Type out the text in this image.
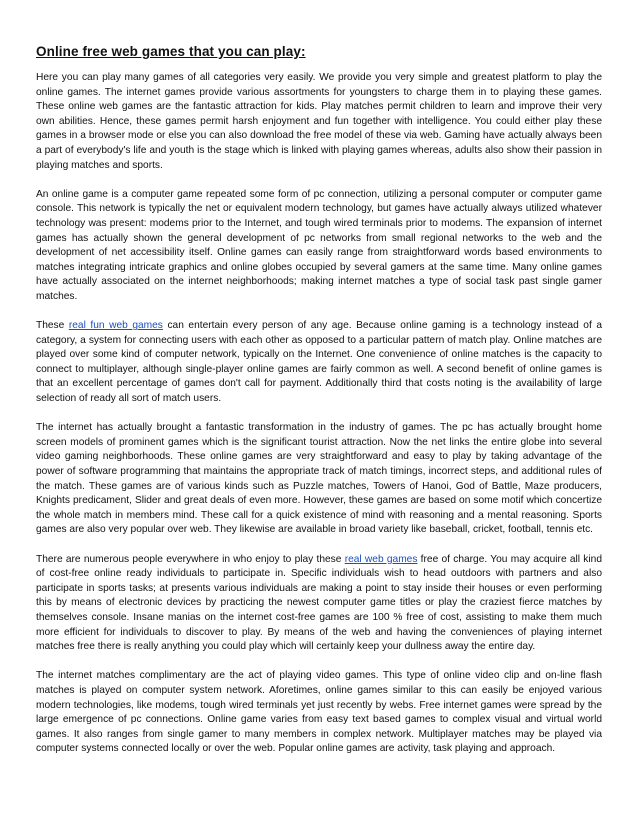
Online free web games that you can play:

Here you can play many games of all categories very easily. We provide you very simple and greatest platform to play the online games. The internet games provide various assortments for youngsters to charge them in to playing these games. These online web games are the fantastic attraction for kids. Play matches permit children to learn and improve their very own abilities. Hence, these games permit harsh enjoyment and fun together with intelligence. You could either play these games in a browser mode or else you can also download the free model of these via web. Gaming have actually always been a part of everybody's life and youth is the stage which is linked with playing games whereas, adults also show their passion in playing matches and sports.

An online game is a computer game repeated some form of pc connection, utilizing a personal computer or computer game console. This network is typically the net or equivalent modern technology, but games have actually always utilized whatever technology was present: modems prior to the Internet, and tough wired terminals prior to modems. The expansion of internet games has actually shown the general development of pc networks from small regional networks to the web and the development of net accessibility itself. Online games can easily range from straightforward words based environments to matches integrating intricate graphics and online globes occupied by several gamers at the same time. Many online games have actually associated on the internet neighborhoods; making internet matches a type of social task past single gamer matches.

These real fun web games can entertain every person of any age. Because online gaming is a technology instead of a category, a system for connecting users with each other as opposed to a particular pattern of match play. Online matches are played over some kind of computer network, typically on the Internet. One convenience of online matches is the capacity to connect to multiplayer, although single-player online games are fairly common as well. A second benefit of online games is that an excellent percentage of games don't call for payment. Additionally third that costs noting is the availability of large selection of ready all sort of match users.

The internet has actually brought a fantastic transformation in the industry of games. The pc has actually brought home screen models of prominent games which is the significant tourist attraction. Now the net links the entire globe into several video gaming neighborhoods. These online games are very straightforward and easy to play by taking advantage of the power of software programming that maintains the appropriate track of match timings, incorrect steps, and additional rules of the match. These games are of various kinds such as Puzzle matches, Towers of Hanoi, God of Battle, Maze producers, Knights predicament, Slider and great deals of even more. However, these games are based on some motif which concertize the whole match in members mind. These call for a quick existence of mind with reasoning and a mental reasoning. Sports games are also very popular over web. They likewise are available in broad variety like baseball, cricket, football, tennis etc.

There are numerous people everywhere in who enjoy to play these real web games free of charge. You may acquire all kind of cost-free online ready individuals to participate in. Specific individuals wish to head outdoors with partners and also participate in sports tasks; at presents various individuals are making a point to stay inside their houses or even performing this by means of electronic devices by practicing the newest computer game titles or play the craziest fierce matches by themselves console. Insane manias on the internet cost-free games are 100 % free of cost, assisting to make them much more efficient for individuals to discover to play. By means of the web and having the conveniences of playing internet matches free there is really anything you could play which will certainly keep your dullness away the entire day.

The internet matches complimentary are the act of playing video games. This type of online video clip and on-line flash matches is played on computer system network. Aforetimes, online games similar to this can easily be enjoyed various modern technologies, like modems, tough wired terminals yet just recently by webs. Free internet games were spread by the large emergence of pc connections. Online game varies from easy text based games to complex visual and virtual world games. It also ranges from single gamer to many members in complex network. Multiplayer matches may be played via computer systems connected locally or over the web. Popular online games are activity, task playing and approach.
